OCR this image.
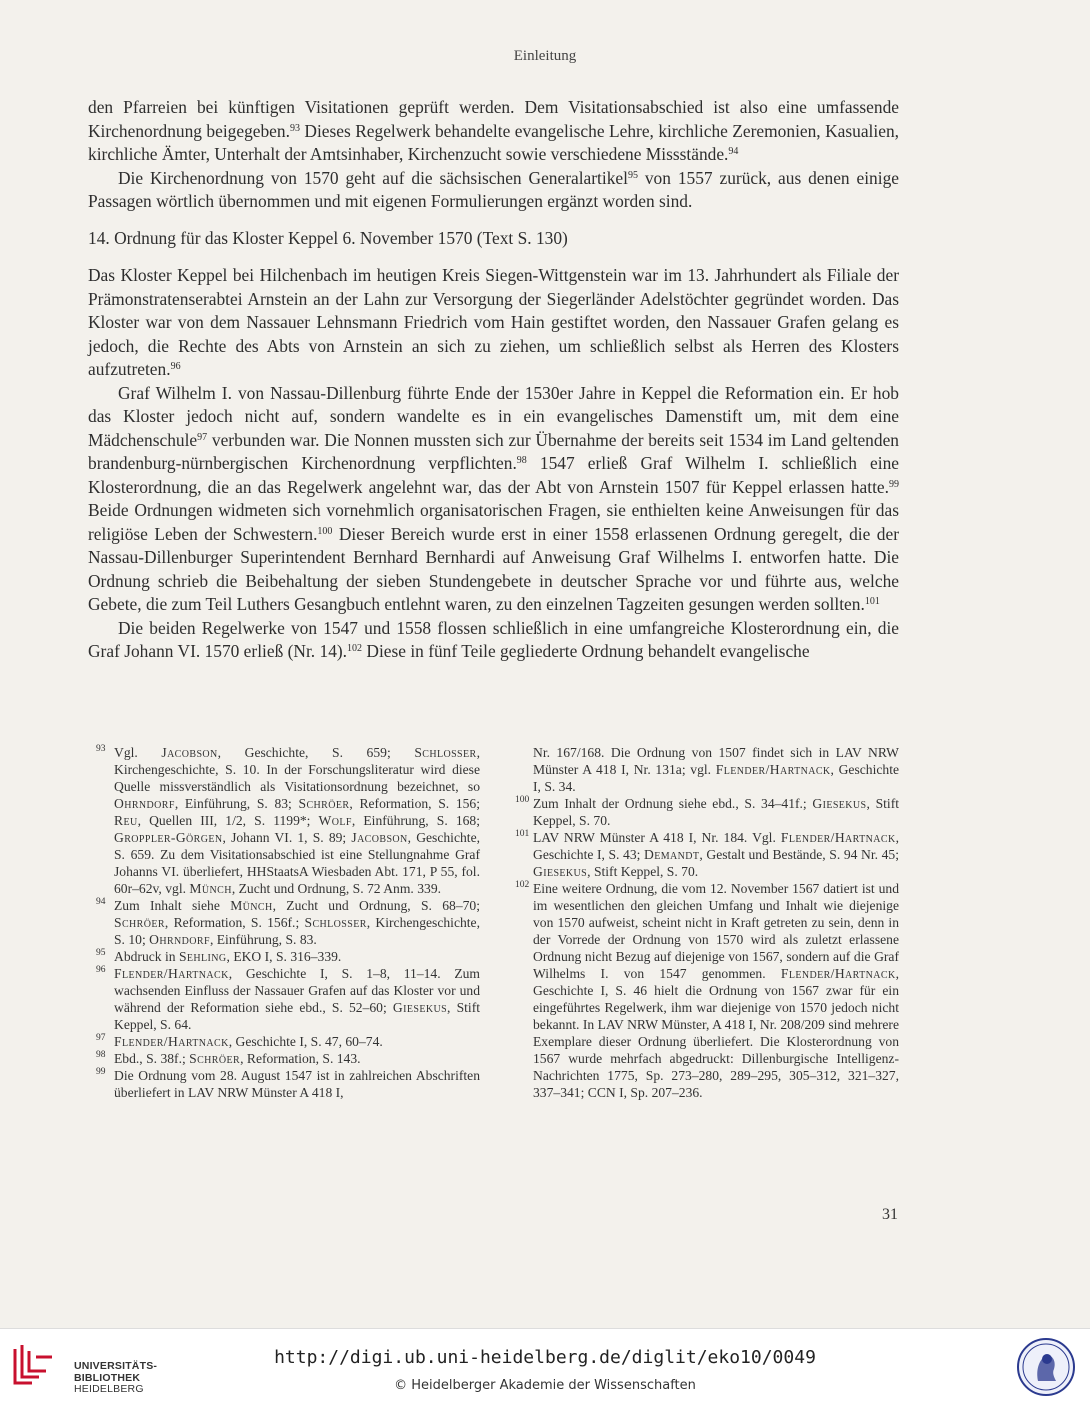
Einleitung

den Pfarreien bei künftigen Visitationen geprüft werden. Dem Visitationsabschied ist also eine umfassende Kirchenordnung beigegeben.$^{93}$ Dieses Regelwerk behandelte evangelische Lehre, kirchliche Zeremonien, Kasualien, kirchliche Ämter, Unterhalt der Amtsinhaber, Kirchenzucht sowie verschiedene Missstände.$^{94}$

Die Kirchenordnung von 1570 geht auf die sächsischen Generalartikel$^{95}$ von 1557 zurück, aus denen einige Passagen wörtlich übernommen und mit eigenen Formulierungen ergänzt worden sind.

14. Ordnung für das Kloster Keppel 6. November 1570 (Text S. 130)

Das Kloster Keppel bei Hilchenbach im heutigen Kreis Siegen-Wittgenstein war im 13. Jahrhundert als Filiale der Prämonstratenserabtei Arnstein an der Lahn zur Versorgung der Siegerländer Adelstöchter gegründet worden. Das Kloster war von dem Nassauer Lehnsmann Friedrich vom Hain gestiftet worden, den Nassauer Grafen gelang es jedoch, die Rechte des Abts von Arnstein an sich zu ziehen, um schließlich selbst als Herren des Klosters aufzutreten.$^{96}$

Graf Wilhelm I. von Nassau-Dillenburg führte Ende der 1530er Jahre in Keppel die Reformation ein. Er hob das Kloster jedoch nicht auf, sondern wandelte es in ein evangelisches Damenstift um, mit dem eine Mädchenschule$^{97}$ verbunden war. Die Nonnen mussten sich zur Übernahme der bereits seit 1534 im Land geltenden brandenburg-nürnbergischen Kirchenordnung verpflichten.$^{98}$ 1547 erließ Graf Wilhelm I. schließlich eine Klosterordnung, die an das Regelwerk angelehnt war, das der Abt von Arnstein 1507 für Keppel erlassen hatte.$^{99}$ Beide Ordnungen widmeten sich vornehmlich organisatorischen Fragen, sie enthielten keine Anweisungen für das religiöse Leben der Schwestern.$^{100}$ Dieser Bereich wurde erst in einer 1558 erlassenen Ordnung geregelt, die der Nassau-Dillenburger Superintendent Bernhard Bernhardi auf Anweisung Graf Wilhelms I. entworfen hatte. Die Ordnung schrieb die Beibehaltung der sieben Stundengebete in deutscher Sprache vor und führte aus, welche Gebete, die zum Teil Luthers Gesangbuch entlehnt waren, zu den einzelnen Tagzeiten gesungen werden sollten.$^{101}$

Die beiden Regelwerke von 1547 und 1558 flossen schließlich in eine umfangreiche Klosterordnung ein, die Graf Johann VI. 1570 erließ (Nr. 14).$^{102}$ Diese in fünf Teile gegliederte Ordnung behandelt evangelische

93 Vgl. Jacobson, Geschichte, S. 659; Schlosser, Kirchengeschichte, S. 10. In der Forschungsliteratur wird diese Quelle missverständlich als Visitationsordnung bezeichnet, so Ohrndorf, Einführung, S. 83; Schröer, Reformation, S. 156; Reu, Quellen III, 1/2, S. 1199*; Wolf, Einführung, S. 168; Groppler-Görgen, Johann VI. 1, S. 89; Jacobson, Geschichte, S. 659. Zu dem Visitationsabschied ist eine Stellungnahme Graf Johanns VI. überliefert, HHStaatsA Wiesbaden Abt. 171, P 55, fol. 60r–62v, vgl. Münch, Zucht und Ordnung, S. 72 Anm. 339.
94 Zum Inhalt siehe Münch, Zucht und Ordnung, S. 68–70; Schröer, Reformation, S. 156f.; Schlosser, Kirchengeschichte, S. 10; Ohrndorf, Einführung, S. 83.
95 Abdruck in Sehling, EKO I, S. 316–339.
96 Flender/Hartnack, Geschichte I, S. 1–8, 11–14. Zum wachsenden Einfluss der Nassauer Grafen auf das Kloster vor und während der Reformation siehe ebd., S. 52–60; Giesekus, Stift Keppel, S. 64.
97 Flender/Hartnack, Geschichte I, S. 47, 60–74.
98 Ebd., S. 38f.; Schröer, Reformation, S. 143.
99 Die Ordnung vom 28. August 1547 ist in zahlreichen Abschriften überliefert in LAV NRW Münster A 418 I,
Nr. 167/168. Die Ordnung von 1507 findet sich in LAV NRW Münster A 418 I, Nr. 131a; vgl. Flender/Hartnack, Geschichte I, S. 34.
100 Zum Inhalt der Ordnung siehe ebd., S. 34–41f.; Giesekus, Stift Keppel, S. 70.
101 LAV NRW Münster A 418 I, Nr. 184. Vgl. Flender/Hartnack, Geschichte I, S. 43; Demandt, Gestalt und Bestände, S. 94 Nr. 45; Giesekus, Stift Keppel, S. 70.
102 Eine weitere Ordnung, die vom 12. November 1567 datiert ist und im wesentlichen den gleichen Umfang und Inhalt wie diejenige von 1570 aufweist, scheint nicht in Kraft getreten zu sein, denn in der Vorrede der Ordnung von 1570 wird als zuletzt erlassene Ordnung nicht Bezug auf diejenige von 1567, sondern auf die Graf Wilhelms I. von 1547 genommen. Flender/Hartnack, Geschichte I, S. 46 hielt die Ordnung von 1567 zwar für ein eingeführtes Regelwerk, ihm war diejenige von 1570 jedoch nicht bekannt. In LAV NRW Münster, A 418 I, Nr. 208/209 sind mehrere Exemplare dieser Ordnung überliefert. Die Klosterordnung von 1567 wurde mehrfach abgedruckt: Dillenburgische Intelligenz-Nachrichten 1775, Sp. 273–280, 289–295, 305–312, 321–327, 337–341; CCN I, Sp. 207–236.
31
UNIVERSITÄTS-
BIBLIOTHEK
HEIDELBERG
http://digi.ub.uni-heidelberg.de/diglit/eko10/0049
© Heidelberger Akademie der Wissenschaften
